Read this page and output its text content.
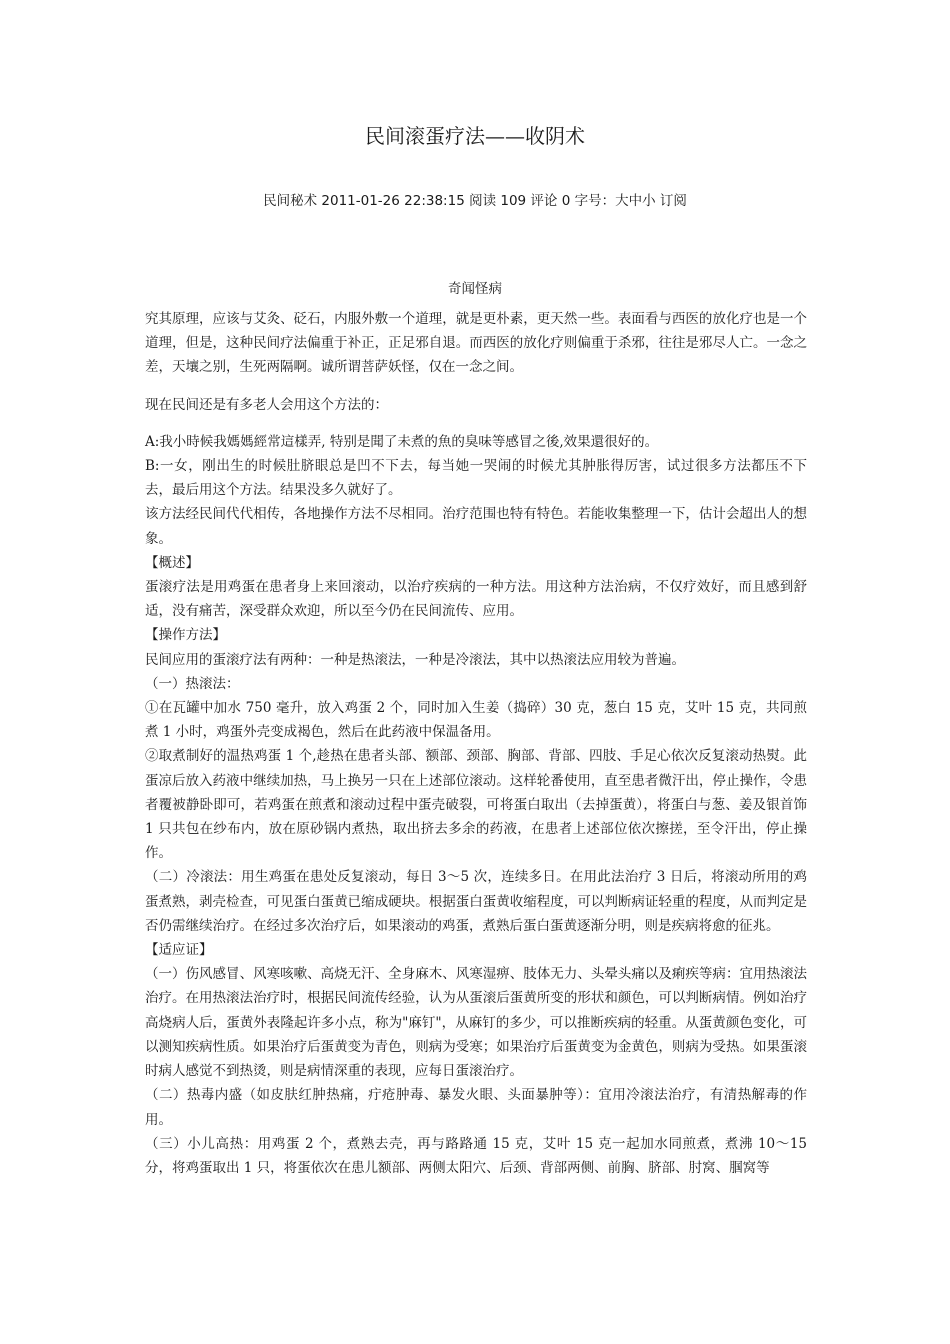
民间滚蛋疗法——收阴术
民间秘术 2011-01-26 22:38:15 阅读 109 评论 0 字号：大中小 订阅
奇闻怪病

究其原理，应该与艾灸、砭石，内服外敷一个道理，就是更朴素，更天然一些。表面看与西医的放化疗也是一个道理，但是，这种民间疗法偏重于补正，正足邪自退。而西医的放化疗则偏重于杀邪，往往是邪尽人亡。一念之差，天壤之别，生死两隔啊。诚所谓菩萨妖怪，仅在一念之间。

现在民间还是有多老人会用这个方法的：

A:我小時候我媽媽經常這樣弄, 特别是聞了未煮的魚的臭味等感冒之後,效果還很好的。

B:一女，刚出生的时候肚脐眼总是凹不下去，每当她一哭闹的时候尤其肿胀得厉害，试过很多方法都压不下去，最后用这个方法。结果没多久就好了。

该方法经民间代代相传，各地操作方法不尽相同。治疗范围也特有特色。若能收集整理一下，估计会超出人的想象。

【概述】

蛋滚疗法是用鸡蛋在患者身上来回滚动，以治疗疾病的一种方法。用这种方法治病，不仅疗效好，而且感到舒适，没有痛苦，深受群众欢迎，所以至今仍在民间流传、应用。

【操作方法】

民间应用的蛋滚疗法有两种：一种是热滚法，一种是冷滚法，其中以热滚法应用较为普遍。

（一）热滚法：

①在瓦罐中加水 750 毫升，放入鸡蛋 2 个，同时加入生姜（捣碎）30 克，葱白 15 克，艾叶 15 克，共同煎煮 1 小时，鸡蛋外壳变成褐色，然后在此药液中保温备用。

②取煮制好的温热鸡蛋 1 个,趁热在患者头部、额部、颈部、胸部、背部、四肢、手足心依次反复滚动热熨。此蛋凉后放入药液中继续加热，马上换另一只在上述部位滚动。这样轮番使用，直至患者微汗出，停止操作，令患者覆被静卧即可，若鸡蛋在煎煮和滚动过程中蛋壳破裂，可将蛋白取出（去掉蛋黄），将蛋白与葱、姜及银首饰 1 只共包在纱布内，放在原砂锅内煮热，取出挤去多余的药液，在患者上述部位依次擦搓，至令汗出，停止操作。

（二）冷滚法：用生鸡蛋在患处反复滚动，每日 3～5 次，连续多日。在用此法治疗 3 日后，将滚动所用的鸡蛋煮熟，剥壳检查，可见蛋白蛋黄已缩成硬块。根据蛋白蛋黄收缩程度，可以判断病证轻重的程度，从而判定是否仍需继续治疗。在经过多次治疗后，如果滚动的鸡蛋，煮熟后蛋白蛋黄逐渐分明，则是疾病将愈的征兆。

【适应证】

（一）伤风感冒、风寒咳嗽、高烧无汗、全身麻木、风寒湿痹、肢体无力、头晕头痛以及痢疾等病：宜用热滚法治疗。在用热滚法治疗时，根据民间流传经验，认为从蛋滚后蛋黄所变的形状和颜色，可以判断病情。例如治疗高烧病人后，蛋黄外表隆起许多小点，称为"麻钉"，从麻钉的多少，可以推断疾病的轻重。从蛋黄颜色变化，可以测知疾病性质。如果治疗后蛋黄变为青色，则病为受寒；如果治疗后蛋黄变为金黄色，则病为受热。如果蛋滚时病人感觉不到热烫，则是病情深重的表现，应每日蛋滚治疗。

（二）热毒内盛（如皮肤红肿热痛，疔疮肿毒、暴发火眼、头面暴肿等）：宜用冷滚法治疗，有清热解毒的作用。

（三）小儿高热：用鸡蛋 2 个，煮熟去壳，再与路路通 15 克，艾叶 15 克一起加水同煎煮，煮沸 10～15 分，将鸡蛋取出 1 只，将蛋依次在患儿额部、两侧太阳穴、后颈、背部两侧、前胸、脐部、肘窝、腘窝等
